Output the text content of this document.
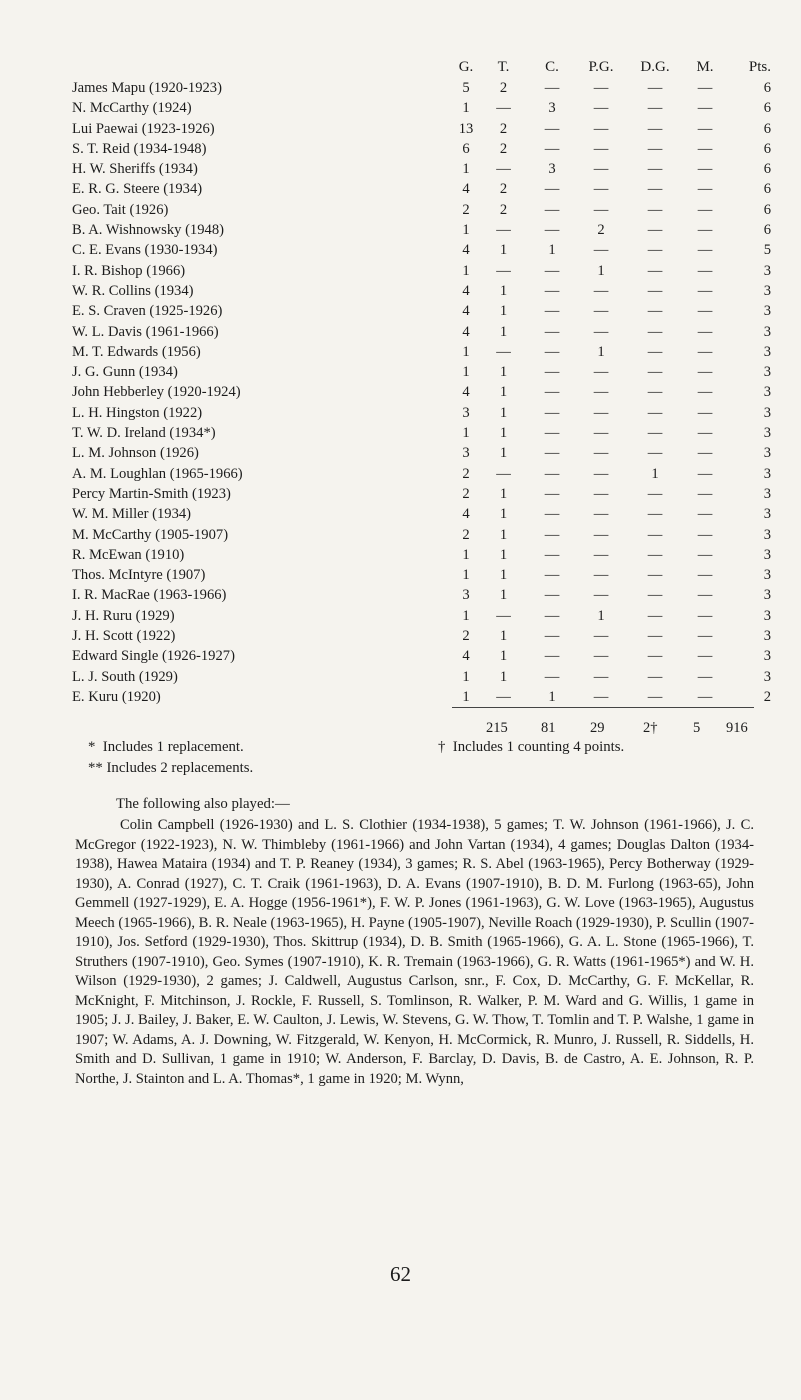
	G.	T.	C.	P.G.	D.G.	M.	Pts.
James Mapu (1920-1923)	5	2	—	—	—	—	6
N. McCarthy (1924)	1	—	3	—	—	—	6
Lui Paewai (1923-1926)	13	2	—	—	—	—	6
S. T. Reid (1934-1948)	6	2	—	—	—	—	6
H. W. Sheriffs (1934)	1	—	3	—	—	—	6
E. R. G. Steere (1934)	4	2	—	—	—	—	6
Geo. Tait (1926)	2	2	—	—	—	—	6
B. A. Wishnowsky (1948)	1	—	—	2	—	—	6
C. E. Evans (1930-1934)	4	1	1	—	—	—	5
I. R. Bishop (1966)	1	—	—	1	—	—	3
W. R. Collins (1934)	4	1	—	—	—	—	3
E. S. Craven (1925-1926)	4	1	—	—	—	—	3
W. L. Davis (1961-1966)	4	1	—	—	—	—	3
M. T. Edwards (1956)	1	—	—	1	—	—	3
J. G. Gunn (1934)	1	1	—	—	—	—	3
John Hebberley (1920-1924)	4	1	—	—	—	—	3
L. H. Hingston (1922)	3	1	—	—	—	—	3
T. W. D. Ireland (1934*)	1	1	—	—	—	—	3
L. M. Johnson (1926)	3	1	—	—	—	—	3
A. M. Loughlan (1965-1966)	2	—	—	—	1	—	3
Percy Martin-Smith (1923)	2	1	—	—	—	—	3
W. M. Miller (1934)	4	1	—	—	—	—	3
M. McCarthy (1905-1907)	2	1	—	—	—	—	3
R. McEwan (1910)	1	1	—	—	—	—	3
Thos. McIntyre (1907)	1	1	—	—	—	—	3
I. R. MacRae (1963-1966)	3	1	—	—	—	—	3
J. H. Ruru (1929)	1	—	—	1	—	—	3
J. H. Scott (1922)	2	1	—	—	—	—	3
Edward Single (1926-1927)	4	1	—	—	—	—	3
L. J. South (1929)	1	1	—	—	—	—	3
E. Kuru (1920)	1	—	1	—	—	—	2
215 81 29	2† 5 916
*  Includes 1 replacement.
** Includes 2 replacements.
†  Includes 1 counting 4 points.
The following also played:—
Colin Campbell (1926-1930) and L. S. Clothier (1934-1938), 5 games; T. W. Johnson (1961-1966), J. C. McGregor (1922-1923), N. W. Thimbleby (1961-1966) and John Vartan (1934), 4 games; Douglas Dalton (1934-1938), Hawea Mataira (1934) and T. P. Reaney (1934), 3 games; R. S. Abel (1963-1965), Percy Botherway (1929-1930), A. Conrad (1927), C. T. Craik (1961-1963), D. A. Evans (1907-1910), B. D. M. Furlong (1963-65), John Gemmell (1927-1929), E. A. Hogge (1956-1961*), F. W. P. Jones (1961-1963), G. W. Love (1963-1965), Augustus Meech (1965-1966), B. R. Neale (1963-1965), H. Payne (1905-1907), Neville Roach (1929-1930), P. Scullin (1907-1910), Jos. Setford (1929-1930), Thos. Skittrup (1934), D. B. Smith (1965-1966), G. A. L. Stone (1965-1966), T. Struthers (1907-1910), Geo. Symes (1907-1910), K. R. Tremain (1963-1966), G. R. Watts (1961-1965*) and W. H. Wilson (1929-1930), 2 games; J. Caldwell, Augustus Carlson, snr., F. Cox, D. McCarthy, G. F. McKellar, R. McKnight, F. Mitchinson, J. Rockle, F. Russell, S. Tomlinson, R. Walker, P. M. Ward and G. Willis, 1 game in 1905; J. J. Bailey, J. Baker, E. W. Caulton, J. Lewis, W. Stevens, G. W. Thow, T. Tomlin and T. P. Walshe, 1 game in 1907; W. Adams, A. J. Downing, W. Fitzgerald, W. Kenyon, H. McCormick, R. Munro, J. Russell, R. Siddells, H. Smith and D. Sullivan, 1 game in 1910; W. Anderson, F. Barclay, D. Davis, B. de Castro, A. E. Johnson, R. P. Northe, J. Stainton and L. A. Thomas*, 1 game in 1920; M. Wynn,
62
